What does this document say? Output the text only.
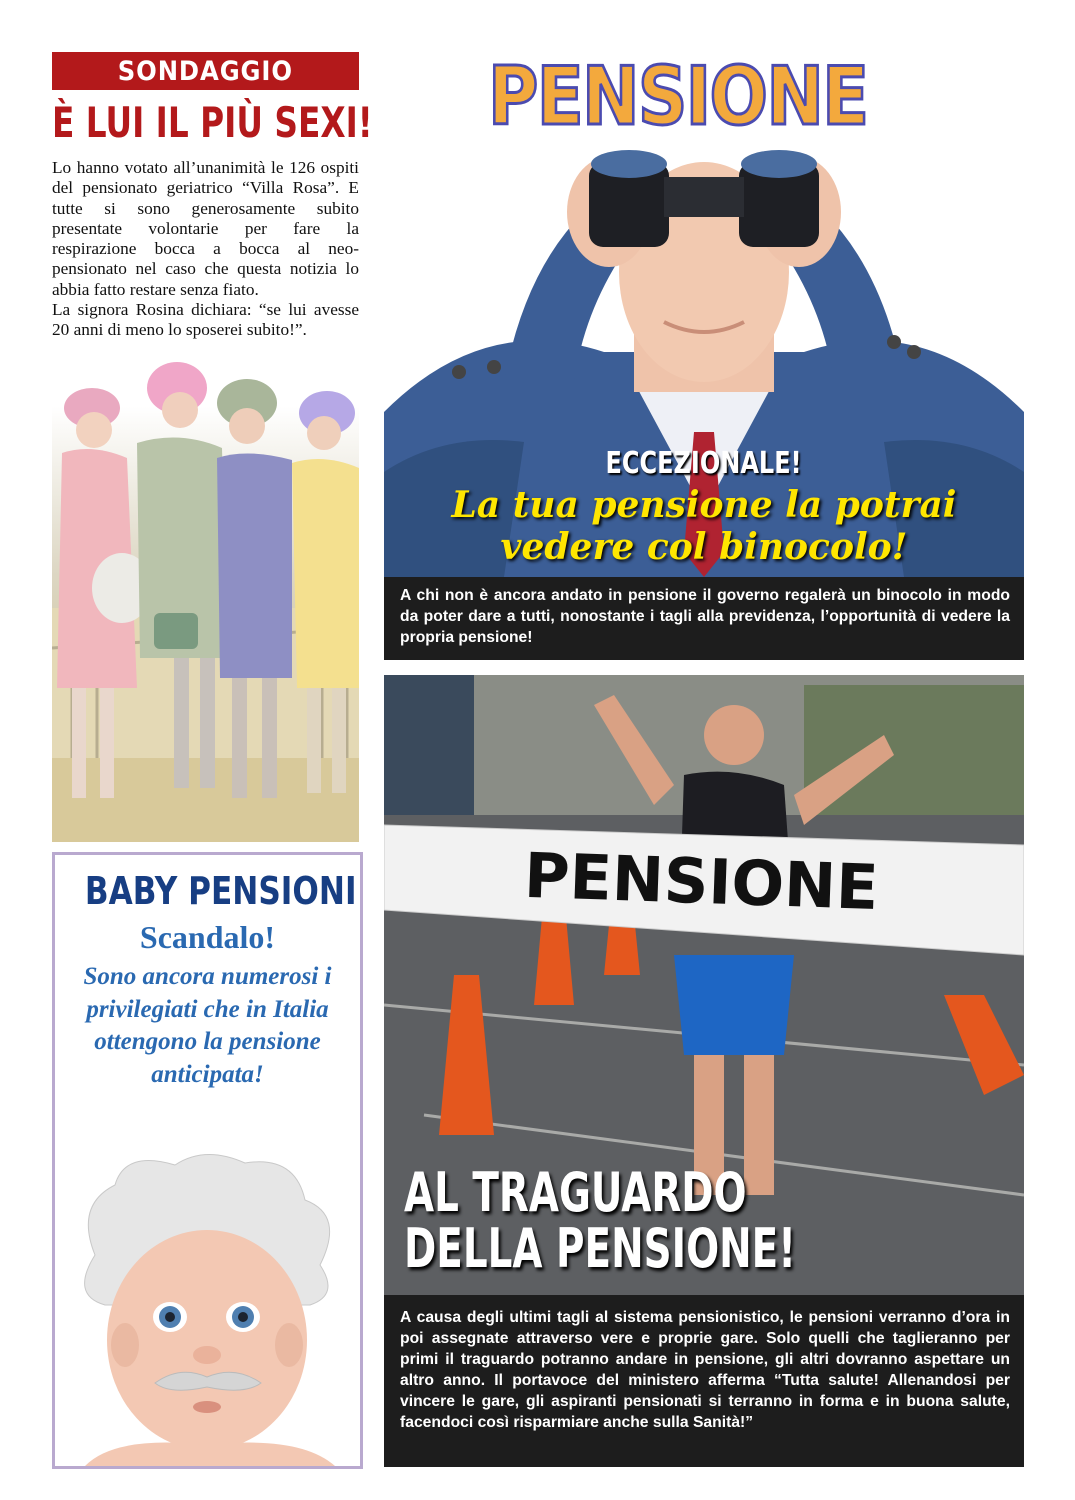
SONDAGGIO
È LUI IL PIÙ SEXI!

Lo hanno votato all’unanimità le 126 ospiti del pensionato geriatrico “Villa Rosa”. E tutte si sono generosamente subito presentate volontarie per fare la respirazione bocca a bocca al neo-pensionato nel caso che questa notizia lo abbia fatto restare senza fiato.

La signora Rosina dichiara: “se lui avesse 20 anni di meno lo sposerei subito!”.

BABY PENSIONI
Scandalo!
Sono ancora numerosi i privilegiati che in Italia ottengono la pensione anticipata!
PENSIONE
ECCEZIONALE!
La tua pensione la potrai
vedere col binocolo!
A chi non è ancora andato in pensione il governo regalerà un binocolo in modo da poter dare a tutti, nonostante i tagli alla previdenza, l’opportunità di vedere la propria pensione!
PENSIONE
AL TRAGUARDO
DELLA PENSIONE!
A causa degli ultimi tagli al sistema pensionistico, le pensioni verranno d’ora in poi assegnate attraverso vere e proprie gare. Solo quelli che taglieranno per primi il traguardo potranno andare in pensione, gli altri dovranno aspettare un altro anno. Il portavoce del ministero afferma “Tutta salute! Allenandosi per vincere le gare, gli aspiranti pensionati si terranno in forma e in buona salute, facendoci così risparmiare anche sulla Sanità!”
